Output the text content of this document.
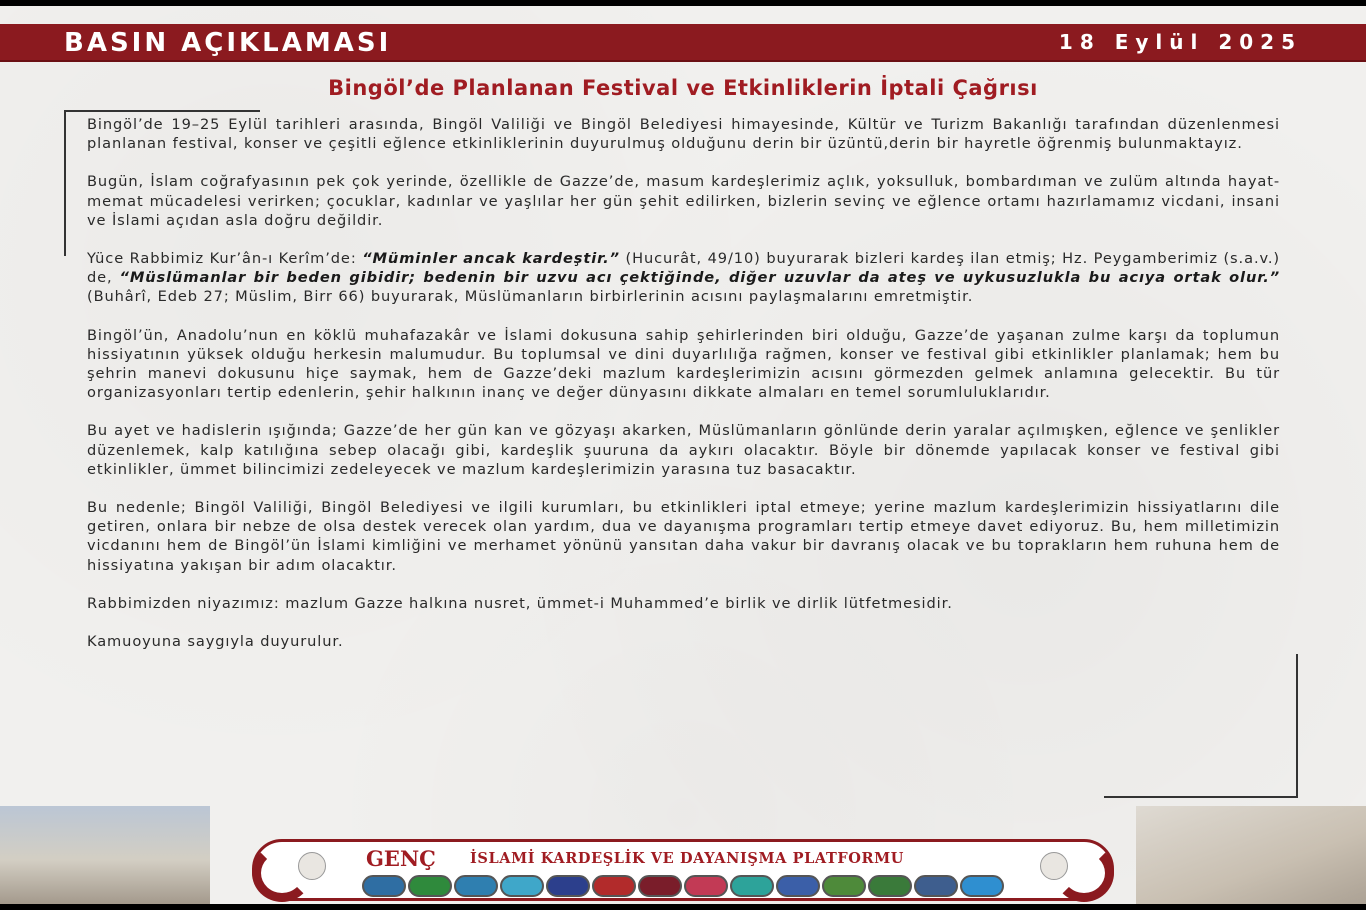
BASIN AÇIKLAMASI	18 Eylül 2025
Bingöl’de Planlanan Festival ve Etkinliklerin İptali Çağrısı

Bingöl’de 19–25 Eylül tarihleri arasında, Bingöl Valiliği ve Bingöl Belediyesi himayesinde, Kültür ve Turizm Bakanlığı tarafından düzenlenmesi planlanan festival, konser ve çeşitli eğlence etkinliklerinin duyurulmuş olduğunu derin bir üzüntü,derin bir hayretle öğrenmiş bulunmaktayız.

Bugün, İslam coğrafyasının pek çok yerinde, özellikle de Gazze’de, masum kardeşlerimiz açlık, yoksulluk, bombardıman ve zulüm altında hayat-memat mücadelesi verirken; çocuklar, kadınlar ve yaşlılar her gün şehit edilirken, bizlerin sevinç ve eğlence ortamı hazırlamamız vicdani, insani ve İslami açıdan asla doğru değildir.

Yüce Rabbimiz Kur’ân-ı Kerîm’de: “Müminler ancak kardeştir.” (Hucurât, 49/10) buyurarak bizleri kardeş ilan etmiş; Hz. Peygamberimiz (s.a.v.) de, “Müslümanlar bir beden gibidir; bedenin bir uzvu acı çektiğinde, diğer uzuvlar da ateş ve uykusuzlukla bu acıya ortak olur.” (Buhârî, Edeb 27; Müslim, Birr 66) buyurarak, Müslümanların birbirlerinin acısını paylaşmalarını emretmiştir.

Bingöl’ün, Anadolu’nun en köklü muhafazakâr ve İslami dokusuna sahip şehirlerinden biri olduğu, Gazze’de yaşanan zulme karşı da toplumun hissiyatının yüksek olduğu herkesin malumudur. Bu toplumsal ve dini duyarlılığa rağmen, konser ve festival gibi etkinlikler planlamak; hem bu şehrin manevi dokusunu hiçe saymak, hem de Gazze’deki mazlum kardeşlerimizin acısını görmezden gelmek anlamına gelecektir. Bu tür organizasyonları tertip edenlerin, şehir halkının inanç ve değer dünyasını dikkate almaları en temel sorumluluklarıdır.

Bu ayet ve hadislerin ışığında; Gazze’de her gün kan ve gözyaşı akarken, Müslümanların gönlünde derin yaralar açılmışken, eğlence ve şenlikler düzenlemek, kalp katılığına sebep olacağı gibi, kardeşlik şuuruna da aykırı olacaktır. Böyle bir dönemde yapılacak konser ve festival gibi etkinlikler, ümmet bilincimizi zedeleyecek ve mazlum kardeşlerimizin yarasına tuz basacaktır.

Bu nedenle; Bingöl Valiliği, Bingöl Belediyesi ve ilgili kurumları, bu etkinlikleri iptal etmeye; yerine mazlum kardeşlerimizin hissiyatlarını dile getiren, onlara bir nebze de olsa destek verecek olan yardım, dua ve dayanışma programları tertip etmeye davet ediyoruz. Bu, hem milletimizin vicdanını hem de Bingöl’ün İslami kimliğini ve merhamet yönünü yansıtan daha vakur bir davranış olacak ve bu toprakların hem ruhuna hem de hissiyatına yakışan bir adım olacaktır.

Rabbimizden niyazımız: mazlum Gazze halkına nusret, ümmet-i Muhammed’e birlik ve dirlik lütfetmesidir.

Kamuoyuna saygıyla duyurulur.

GENÇ İSLAMİ KARDEŞLİK VE DAYANIŞMA PLATFORMU
